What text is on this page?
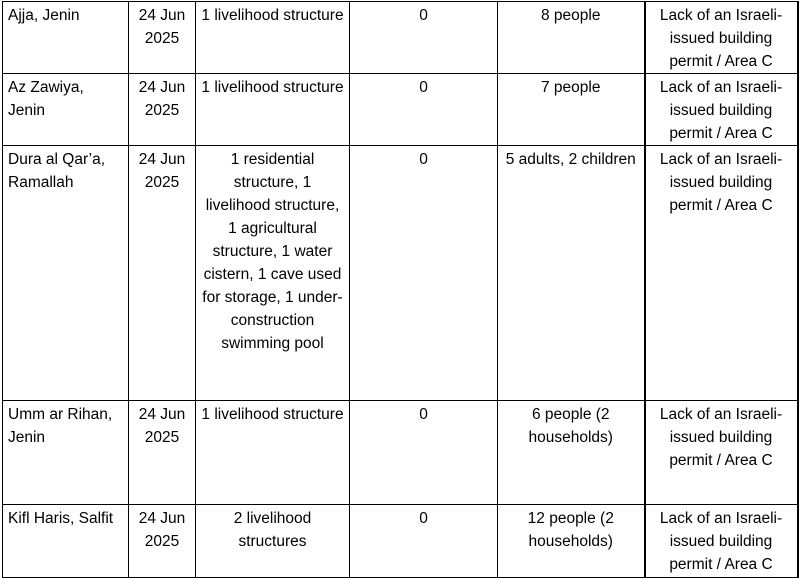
Ajja, Jenin	24 Jun 2025	1 livelihood structure	0	8 people	Lack of an Israeli-issued building permit / Area C
Az Zawiya, Jenin	24 Jun 2025	1 livelihood structure	0	7 people	Lack of an Israeli-issued building permit / Area C
Dura al Qar’a, Ramallah	24 Jun 2025	1 residential structure, 1 livelihood structure, 1 agricultural structure, 1 water cistern, 1 cave used for storage, 1 under-construction swimming pool	0	5 adults, 2 children	Lack of an Israeli-issued building permit / Area C
Umm ar Rihan, Jenin	24 Jun 2025	1 livelihood structure	0	6 people (2 households)	Lack of an Israeli-issued building permit / Area C
Kifl Haris, Salfit	24 Jun 2025	2 livelihood structures	0	12 people (2 households)	Lack of an Israeli-issued building permit / Area C
